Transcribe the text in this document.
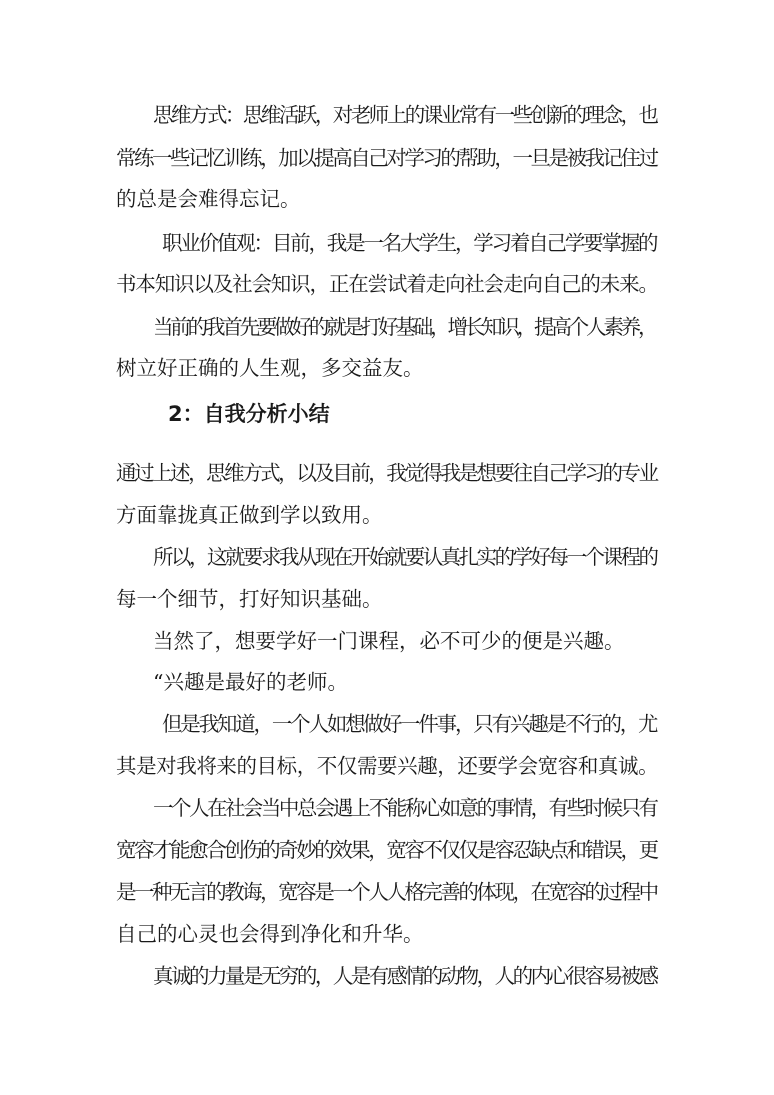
思维方式：思维活跃，对老师上的课业常有一些创新的理念，也
常练一些记忆训练，加以提高自己对学习的帮助，一旦是被我记住过
的总是会难得忘记。
职业价值观：目前，我是一名大学生，学习着自己学要掌握的
书本知识以及社会知识，正在尝试着走向社会走向自己的未来。
当前的我首先要做好的就是打好基础，增长知识，提高个人素养，
树立好正确的人生观，多交益友。
2：自我分析小结
通过上述，思维方式，以及目前，我觉得我是想要往自己学习的专业
方面靠拢真正做到学以致用。
所以，这就要求我从现在开始就要认真扎实的学好每一个课程的
每一个细节，打好知识基础。
当然了，想要学好一门课程，必不可少的便是兴趣。
“兴趣是最好的老师。
但是我知道，一个人如想做好一件事，只有兴趣是不行的，尤
其是对我将来的目标，不仅需要兴趣，还要学会宽容和真诚。
一个人在社会当中总会遇上不能称心如意的事情，有些时候只有
宽容才能愈合创伤的奇妙的效果，宽容不仅仅是容忍缺点和错误，更
是一种无言的教诲，宽容是一个人人格完善的体现，在宽容的过程中
自己的心灵也会得到净化和升华。
真诚的力量是无穷的，人是有感情的动物，人的内心很容易被感
